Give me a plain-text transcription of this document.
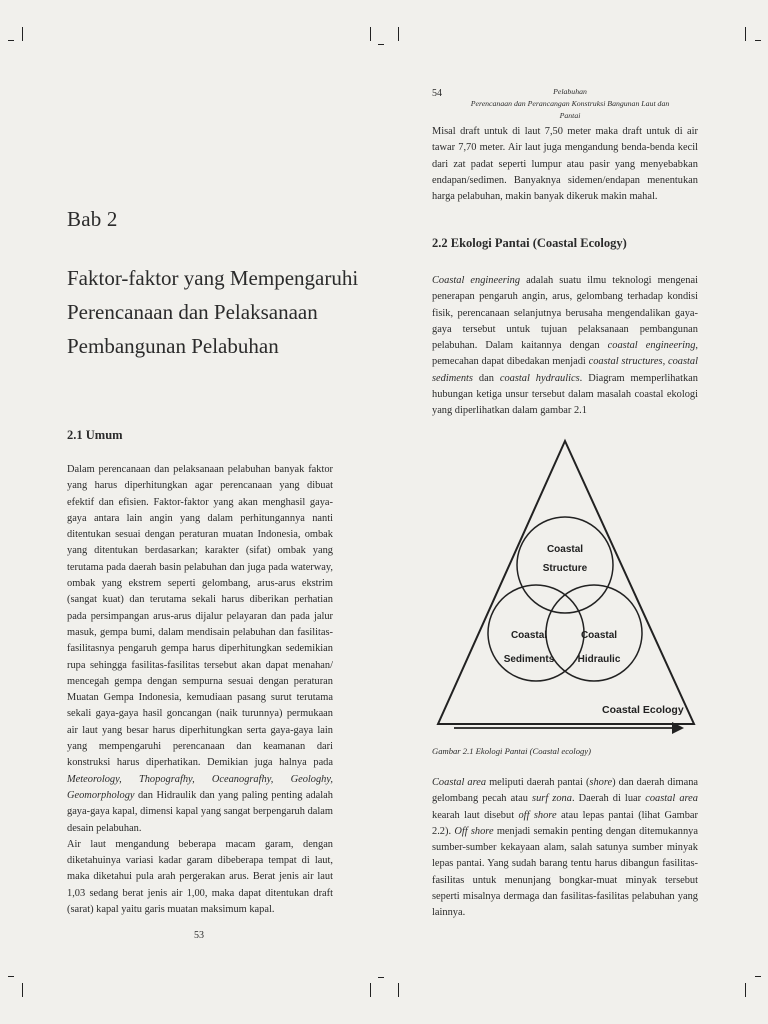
Bab 2
Faktor-faktor yang Mempengaruhi
Perencanaan dan Pelaksanaan
Pembangunan Pelabuhan
2.1 Umum

Dalam perencanaan dan pelaksanaan pelabuhan banyak faktor yang harus diperhitungkan agar perencanaan yang dibuat efektif dan efisien. Faktor-faktor yang akan menghasil gaya-gaya antara lain angin yang dalam perhitungannya nanti ditentukan sesuai dengan peraturan muatan Indonesia, ombak yang ditentukan berdasarkan; karakter (sifat) ombak yang terutama pada daerah basin pelabuhan dan juga pada waterway, ombak yang ekstrem seperti gelombang, arus-arus ekstrim (sangat kuat) dan terutama sekali harus diberikan perhatian pada persimpangan arus-arus dijalur pelayaran dan pada jalur masuk, gempa bumi, dalam mendisain pelabuhan dan fasilitas-fasilitasnya pengaruh gempa harus diperhitungkan sedemikian rupa sehingga fasilitas-fasilitas tersebut akan dapat menahan/ mencegah gempa dengan sempurna sesuai dengan peraturan Muatan Gempa Indonesia, kemudiaan pasang surut terutama sekali gaya-gaya hasil goncangan (naik turunnya) permukaan air laut yang besar harus diperhitungkan serta gaya-gaya lain yang mempengaruhi perencanaan dan keamanan dari konstruksi harus diperhatikan. Demikian juga halnya pada Meteorology, Thopografhy, Oceanografhy, Geologhy, Geomorphology dan Hidraulik dan yang paling penting adalah gaya-gaya kapal, dimensi kapal yang sangat berpengaruh dalam desain pelabuhan.

Air laut mengandung beberapa macam garam, dengan diketahuinya variasi kadar garam dibeberapa tempat di laut, maka diketahui pula arah pergerakan arus. Berat jenis air laut 1,03 sedang berat jenis air 1,00, maka dapat ditentukan draft (sarat) kapal yaitu garis muatan maksimum kapal.

53
54	Pelabuhan
Perencanaan dan Perancangan Konstruksi Bangunan Laut dan Pantai

Misal draft untuk di laut 7,50 meter maka draft untuk di air tawar 7,70 meter. Air laut juga mengandung benda-benda kecil dari zat padat seperti lumpur atau pasir yang menyebabkan endapan/sedimen. Banyaknya sidemen/endapan menentukan harga pelabuhan, makin banyak dikeruk makin mahal.

2.2 Ekologi Pantai (Coastal Ecology)

Coastal engineering adalah suatu ilmu teknologi mengenai penerapan pengaruh angin, arus, gelombang terhadap kondisi fisik, perencanaan selanjutnya berusaha mengendalikan gaya-gaya tersebut untuk tujuan pelaksanaan pembangunan pelabuhan. Dalam kaitannya dengan coastal engineering, pemecahan dapat dibedakan menjadi coastal structures, coastal sediments dan coastal hydraulics. Diagram memperlihatkan hubungan ketiga unsur tersebut dalam masalah coastal ekologi yang diperlihatkan dalam gambar 2.1

Coastal
Structure
Coastal
Sediments
Coastal
Hidraulic
Coastal Ecology
Gambar 2.1 Ekologi Pantai (Coastal ecology)

Coastal area meliputi daerah pantai (shore) dan daerah dimana gelombang pecah atau surf zona. Daerah di luar coastal area kearah laut disebut off shore atau lepas pantai (lihat Gambar 2.2). Off shore menjadi semakin penting dengan ditemukannya sumber-sumber kekayaan alam, salah satunya sumber minyak lepas pantai. Yang sudah barang tentu harus dibangun fasilitas-fasilitas untuk menunjang bongkar-muat minyak tersebut seperti misalnya dermaga dan fasilitas-fasilitas pelabuhan yang lainnya.
